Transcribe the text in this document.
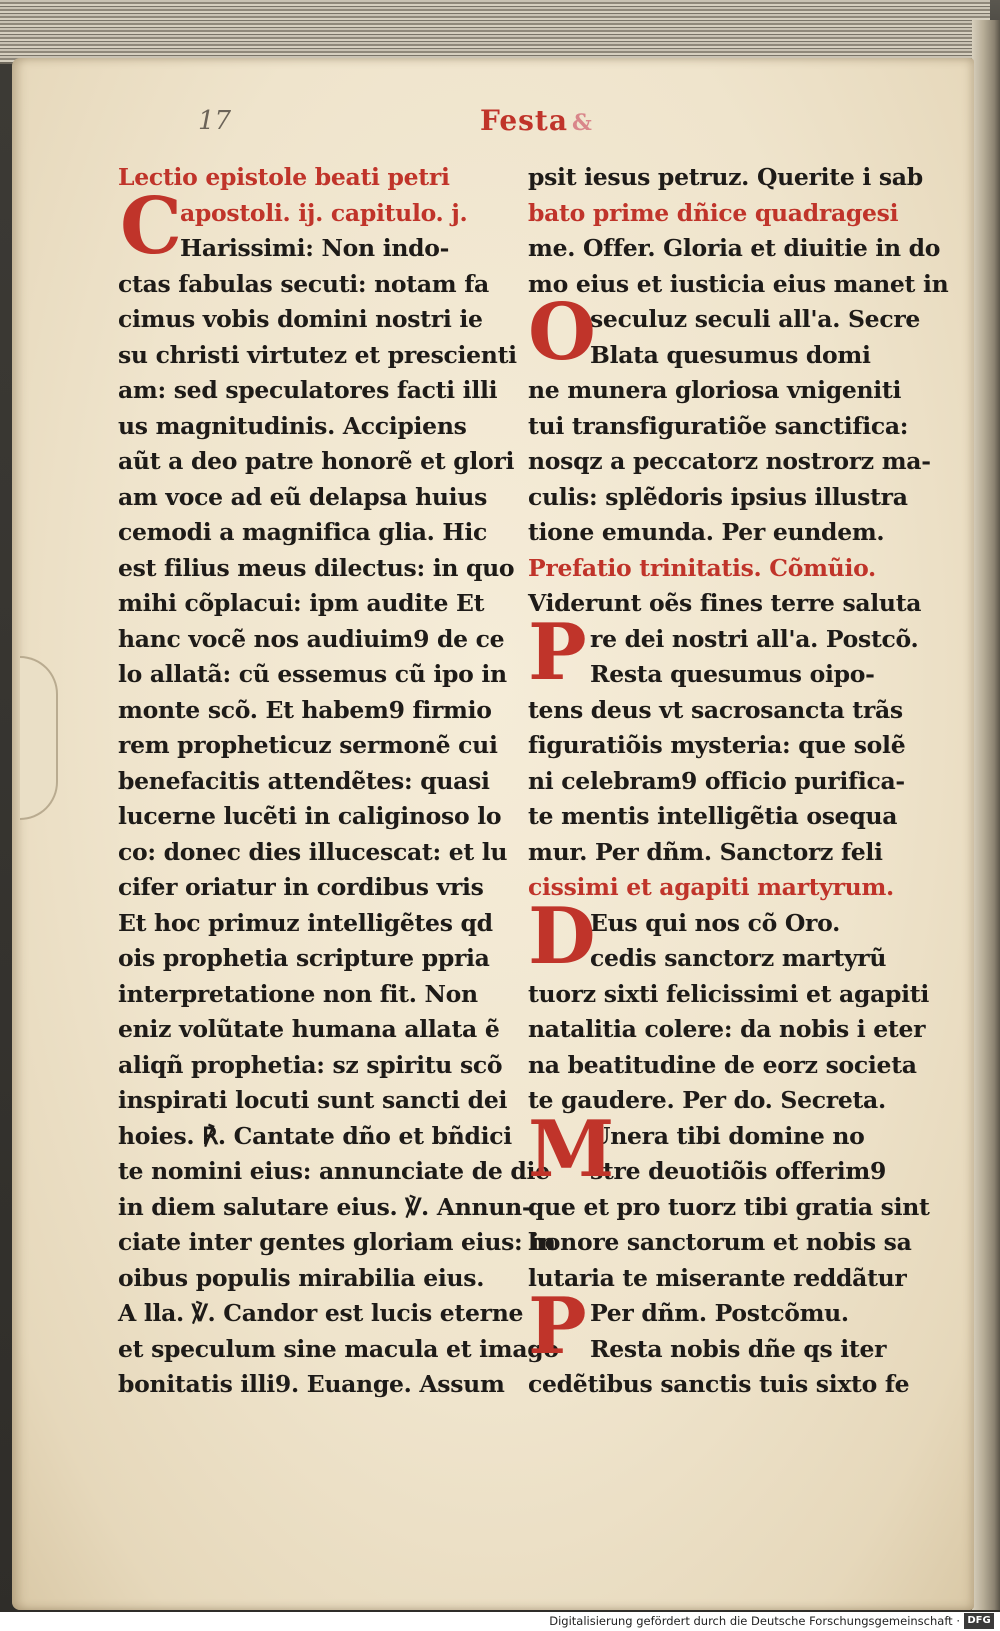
17	Festa &
Lectio epistole beati petri
apostoli. ij. capitulo. j.
Harissimi: Non indo-
ctas fabulas secuti: notam fa
cimus vobis domini nostri ie
su christi virtutez et prescienti
am: sed speculatores facti illi
us magnitudinis. Accipiens
aũt a deo patre honorẽ et glori
am voce ad eũ delapsa huius
cemodi a magnifica glia. Hic
est filius meus dilectus: in quo
mihi cõplacui: ipm audite Et
hanc vocẽ nos audiuim9 de ce
lo allatã: cũ essemus cũ ipo in
monte scõ. Et habem9 firmio
rem propheticuz sermonẽ cui
benefacitis attendẽtes: quasi
lucerne lucẽti in caliginoso lo
co: donec dies illucescat: et lu
cifer oriatur in cordibus vris
Et hoc primuz intelligẽtes qd
ois prophetia scripture ppria
interpretatione non fit. Non
eniz volũtate humana allata ẽ
aliqñ prophetia: sz spiritu scõ
inspirati locuti sunt sancti dei
hoies. ℟. Cantate dño et bñdici
te nomini eius: annunciate de die
in diem salutare eius. ℣. Annun-
ciate inter gentes gloriam eius: in
oibus populis mirabilia eius.
A lla. ℣. Candor est lucis eterne
et speculum sine macula et imago
bonitatis illi9. Euange. Assum
C
psit iesus petruz. Querite i sab
bato prime dñice quadragesi
me. Offer. Gloria et diuitie in do
mo eius et iusticia eius manet in
seculuz seculi all'a. Secre
Blata quesumus domi
ne munera gloriosa vnigeniti
tui transfiguratiõe sanctifica:
nosqz a peccatorz nostrorz ma-
culis: splẽdoris ipsius illustra
tione emunda. Per eundem.
Prefatio trinitatis. Cõmũio.
Viderunt oẽs fines terre saluta
re dei nostri all'a. Postcõ.
Resta quesumus oipo-
tens deus vt sacrosancta trãs
figuratiõis mysteria: que solẽ
ni celebram9 officio purifica-
te mentis intelligẽtia osequa
mur. Per dñm. Sanctorz feli
cissimi et agapiti martyrum.
Eus qui nos cõ Oro.
cedis sanctorz martyrũ
tuorz sixti felicissimi et agapiti
natalitia colere: da nobis i eter
na beatitudine de eorz societa
te gaudere. Per do. Secreta.
Unera tibi domine no
stre deuotiõis offerim9
que et pro tuorz tibi gratia sint
honore sanctorum et nobis sa
lutaria te miserante reddãtur
Per dñm. Postcõmu.
Resta nobis dñe qs iter
cedẽtibus sanctis tuis sixto fe
O
P
D
M
P
Digitalisierung gefördert durch die Deutsche Forschungsgemeinschaft · DFG
